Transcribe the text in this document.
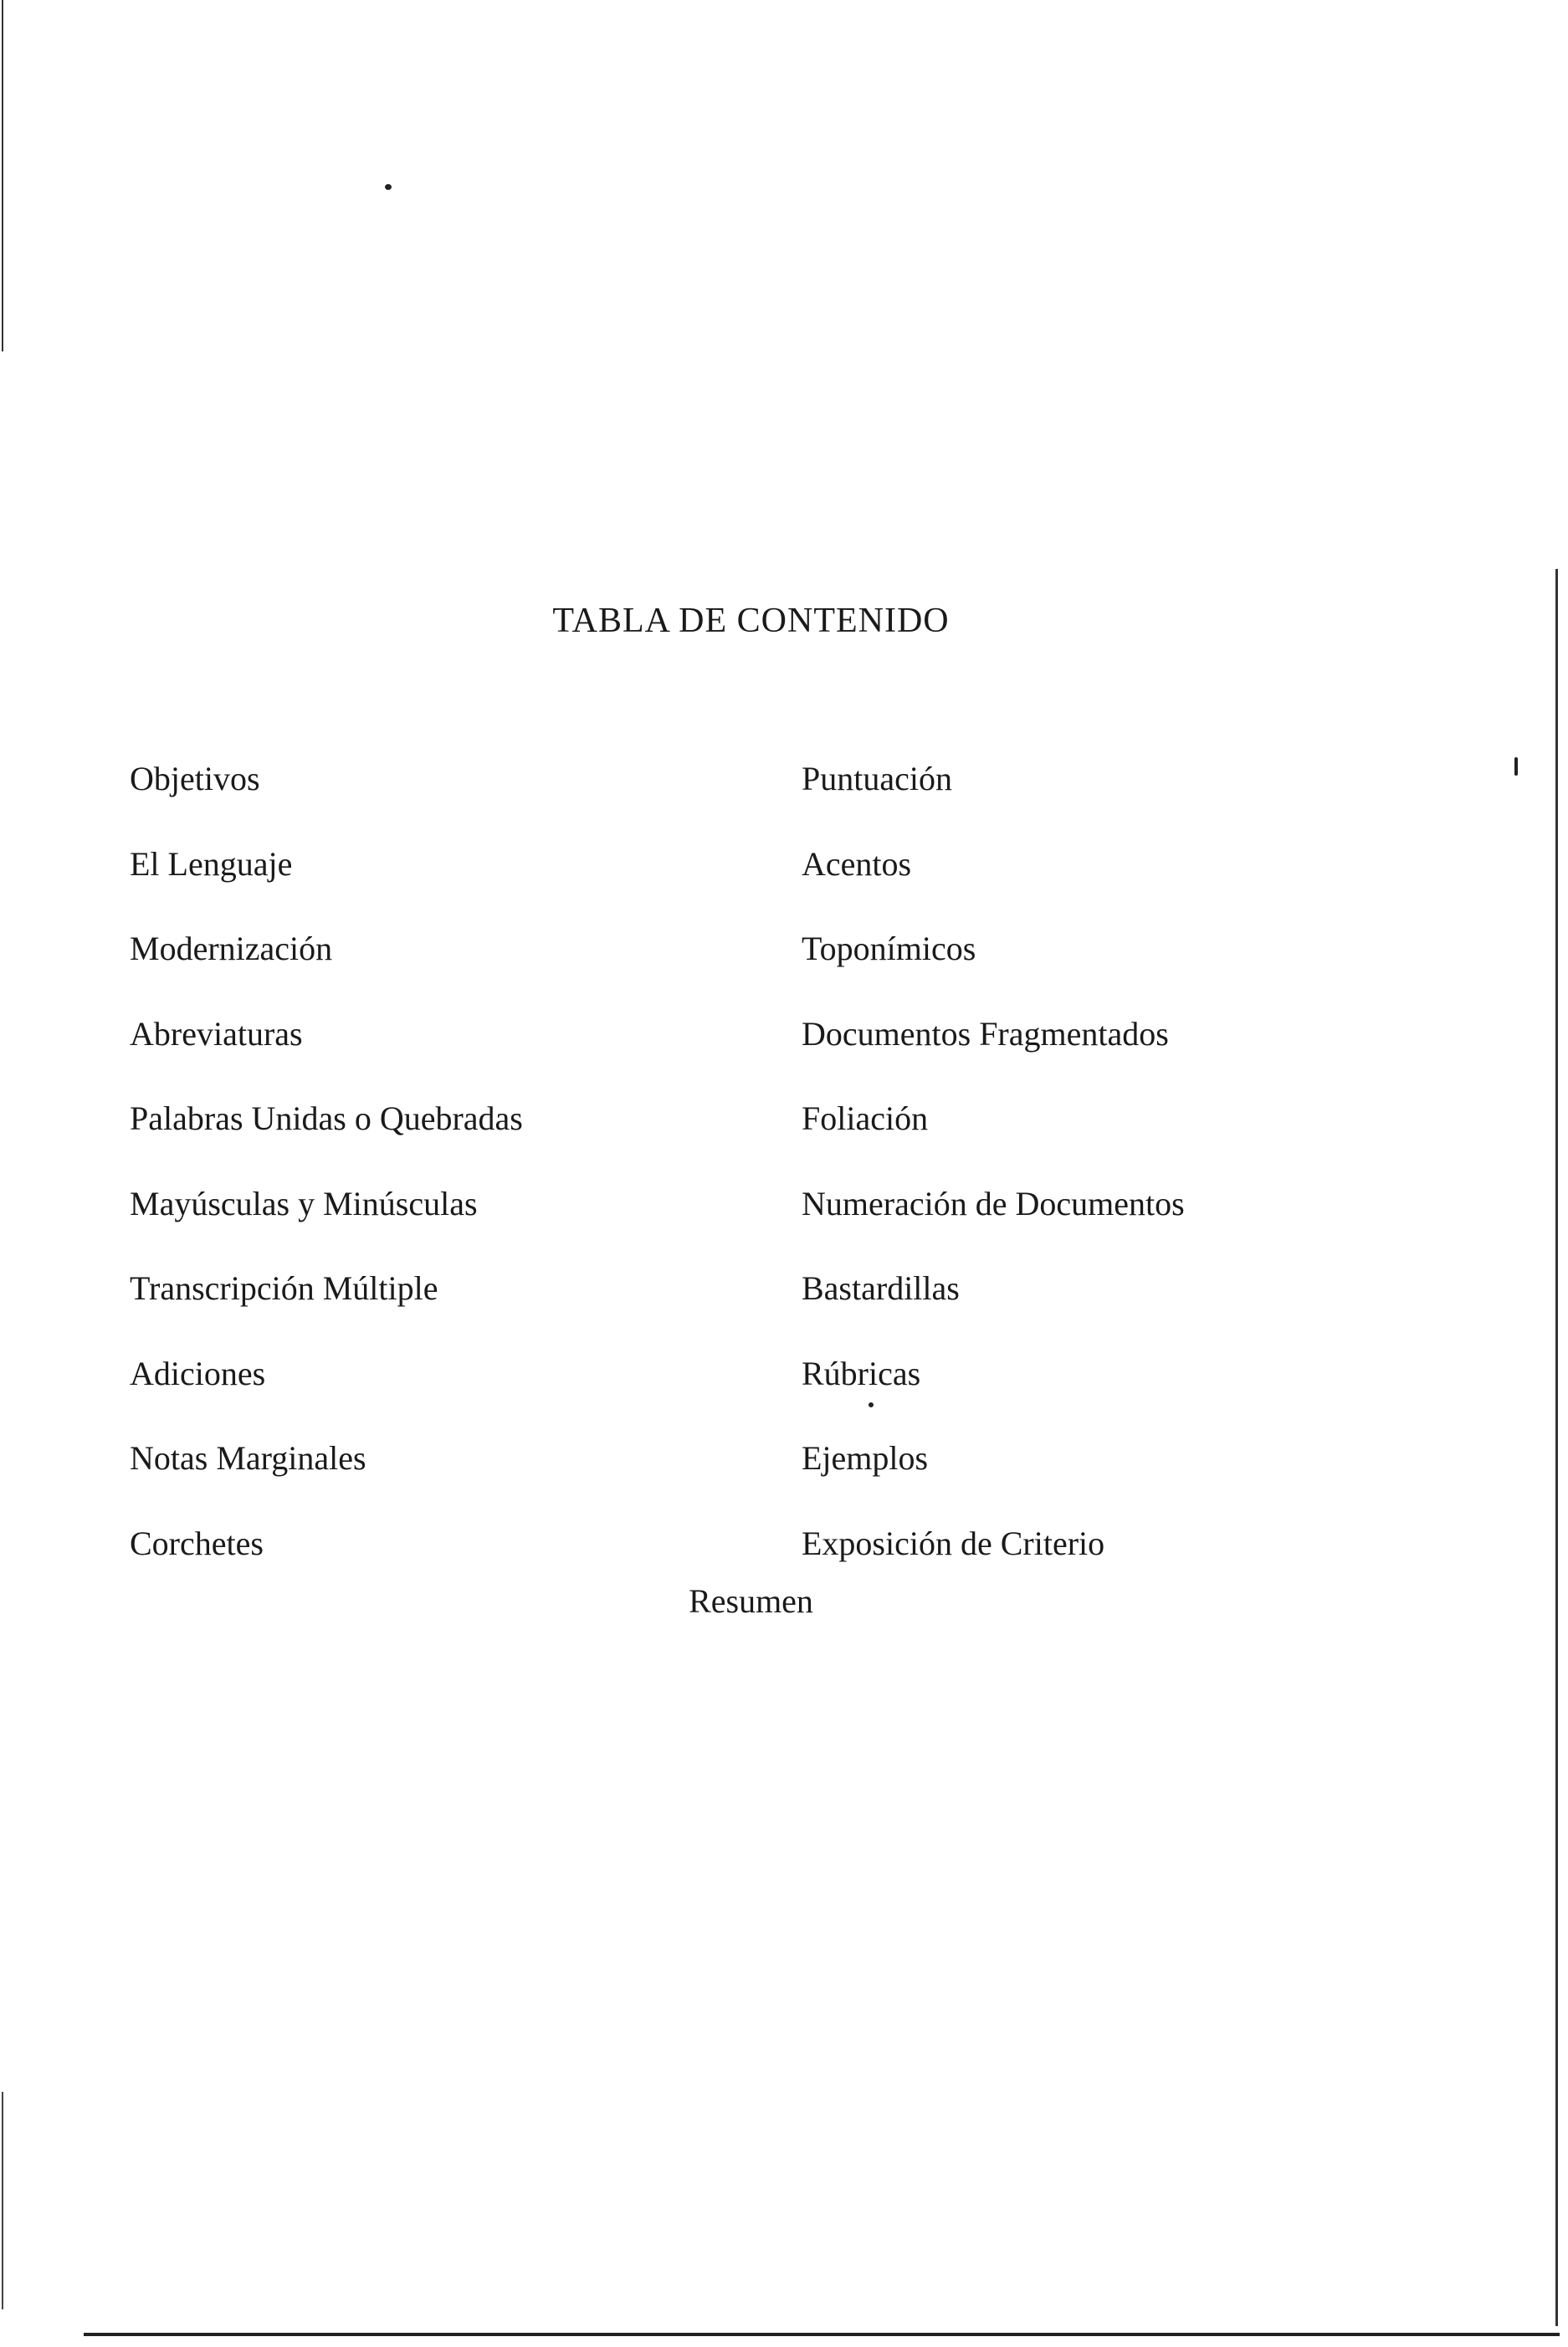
TABLA DE CONTENIDO
Objetivos
El Lenguaje
Modernización
Abreviaturas
Palabras Unidas o Quebradas
Mayúsculas y Minúsculas
Transcripción Múltiple
Adiciones
Notas Marginales
Corchetes
Puntuación
Acentos
Toponímicos
Documentos Fragmentados
Foliación
Numeración de Documentos
Bastardillas
Rúbricas
Ejemplos
Exposición de Criterio
Resumen
